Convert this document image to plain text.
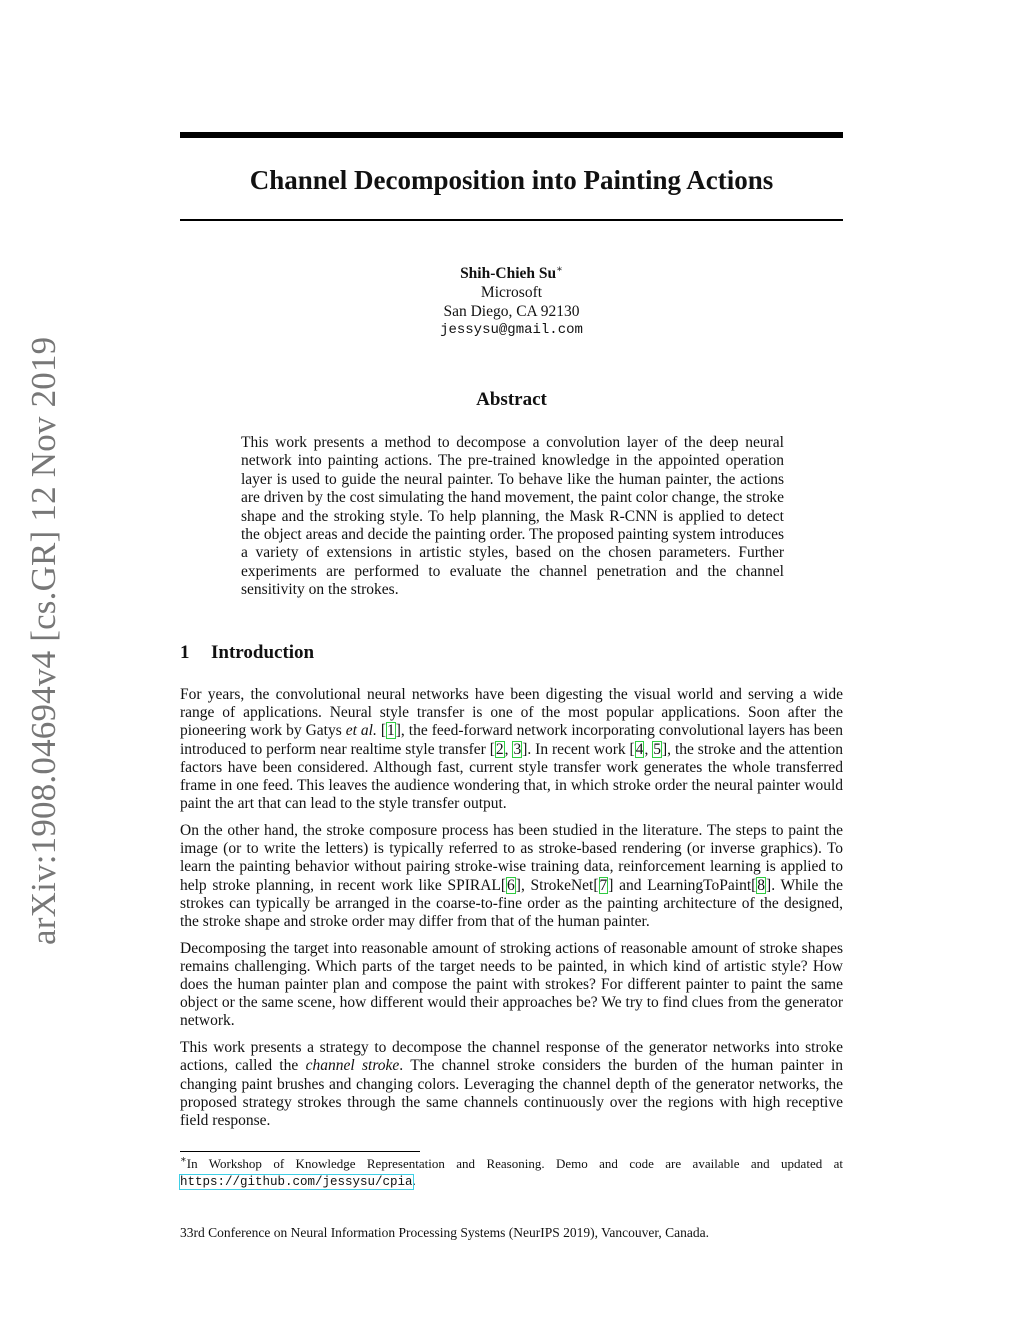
arXiv:1908.04694v4 [cs.GR] 12 Nov 2019
Channel Decomposition into Painting Actions
Shih-Chieh Su∗
Microsoft
San Diego, CA 92130
jessysu@gmail.com
Abstract

This work presents a method to decompose a convolution layer of the deep neural network into painting actions. The pre-trained knowledge in the appointed operation layer is used to guide the neural painter. To behave like the human painter, the actions are driven by the cost simulating the hand movement, the paint color change, the stroke shape and the stroking style. To help planning, the Mask R-CNN is applied to detect the object areas and decide the painting order. The proposed painting system introduces a variety of extensions in artistic styles, based on the chosen parameters. Further experiments are performed to evaluate the channel penetration and the channel sensitivity on the strokes.

1 Introduction

For years, the convolutional neural networks have been digesting the visual world and serving a wide range of applications. Neural style transfer is one of the most popular applications. Soon after the pioneering work by Gatys et al. [1], the feed-forward network incorporating convolutional layers has been introduced to perform near realtime style transfer [2, 3]. In recent work [4, 5], the stroke and the attention factors have been considered. Although fast, current style transfer work generates the whole transferred frame in one feed. This leaves the audience wondering that, in which stroke order the neural painter would paint the art that can lead to the style transfer output.

On the other hand, the stroke composure process has been studied in the literature. The steps to paint the image (or to write the letters) is typically referred to as stroke-based rendering (or inverse graphics). To learn the painting behavior without pairing stroke-wise training data, reinforcement learning is applied to help stroke planning, in recent work like SPIRAL[6], StrokeNet[7] and LearningToPaint[8]. While the strokes can typically be arranged in the coarse-to-fine order as the painting architecture of the designed, the stroke shape and stroke order may differ from that of the human painter.

Decomposing the target into reasonable amount of stroking actions of reasonable amount of stroke shapes remains challenging. Which parts of the target needs to be painted, in which kind of artistic style? How does the human painter plan and compose the paint with strokes? For different painter to paint the same object or the same scene, how different would their approaches be? We try to find clues from the generator network.

This work presents a strategy to decompose the channel response of the generator networks into stroke actions, called the channel stroke. The channel stroke considers the burden of the human painter in changing paint brushes and changing colors. Leveraging the channel depth of the generator networks, the proposed strategy strokes through the same channels continuously over the regions with high receptive field response.

∗In Workshop of Knowledge Representation and Reasoning. Demo and code are available and updated at https://github.com/jessysu/cpia.
33rd Conference on Neural Information Processing Systems (NeurIPS 2019), Vancouver, Canada.
